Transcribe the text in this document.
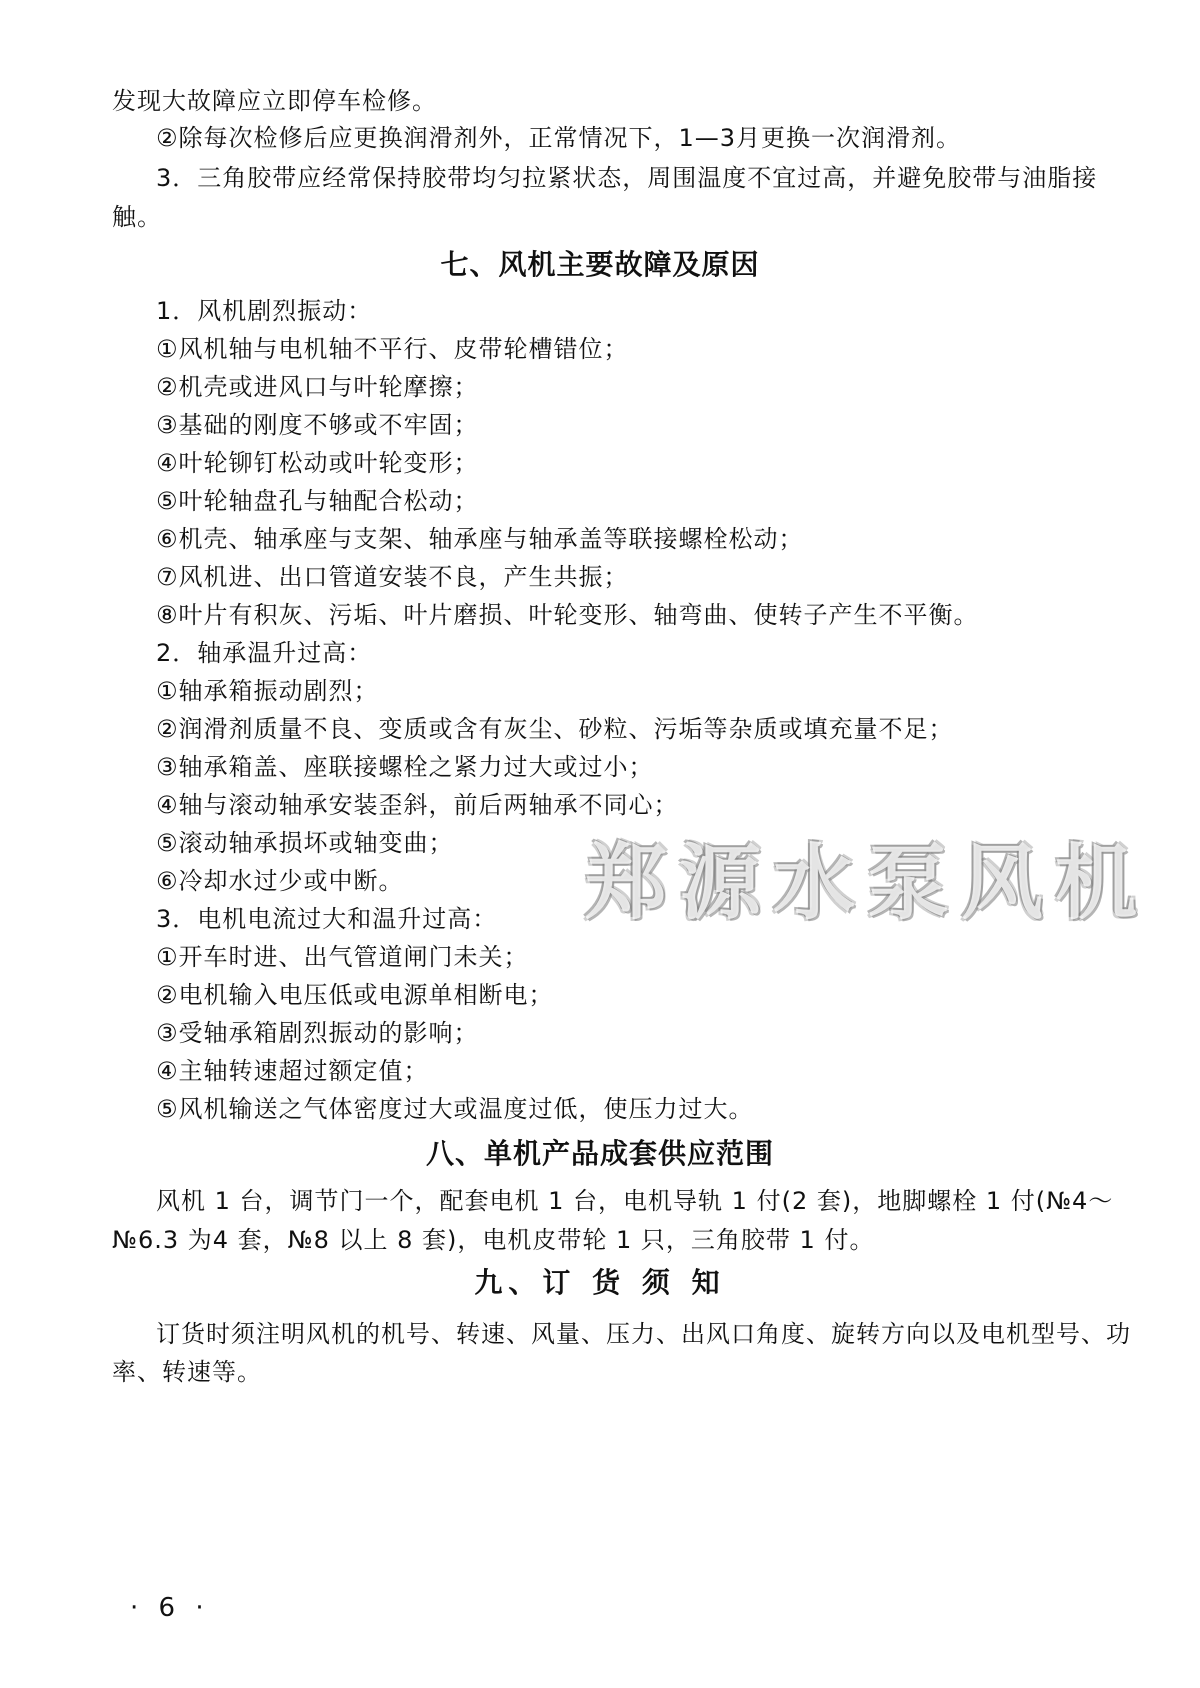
发现大故障应立即停车检修。
②除每次检修后应更换润滑剂外，正常情况下，1—3月更换一次润滑剂。
3．三角胶带应经常保持胶带均匀拉紧状态，周围温度不宜过高，并避免胶带与油脂接
触。
七、风机主要故障及原因
1．风机剧烈振动：
①风机轴与电机轴不平行、皮带轮槽错位；
②机壳或进风口与叶轮摩擦；
③基础的刚度不够或不牢固；
④叶轮铆钉松动或叶轮变形；
⑤叶轮轴盘孔与轴配合松动；
⑥机壳、轴承座与支架、轴承座与轴承盖等联接螺栓松动；
⑦风机进、出口管道安装不良，产生共振；
⑧叶片有积灰、污垢、叶片磨损、叶轮变形、轴弯曲、使转子产生不平衡。
2．轴承温升过高：
①轴承箱振动剧烈；
②润滑剂质量不良、变质或含有灰尘、砂粒、污垢等杂质或填充量不足；
③轴承箱盖、座联接螺栓之紧力过大或过小；
④轴与滚动轴承安装歪斜，前后两轴承不同心；
⑤滚动轴承损坏或轴变曲；
⑥冷却水过少或中断。
3．电机电流过大和温升过高：
①开车时进、出气管道闸门未关；
②电机输入电压低或电源单相断电；
③受轴承箱剧烈振动的影响；
④主轴转速超过额定值；
⑤风机输送之气体密度过大或温度过低，使压力过大。
八、单机产品成套供应范围
风机 1 台，调节门一个，配套电机 1 台，电机导轨 1 付(2 套)，地脚螺栓 1 付(№4～
№6.3 为4 套，№8 以上 8 套)，电机皮带轮 1 只，三角胶带 1 付。
九、订 货 须 知
订货时须注明风机的机号、转速、风量、压力、出风口角度、旋转方向以及电机型号、功
率、转速等。
郑源水泵风机
· 6 ·
